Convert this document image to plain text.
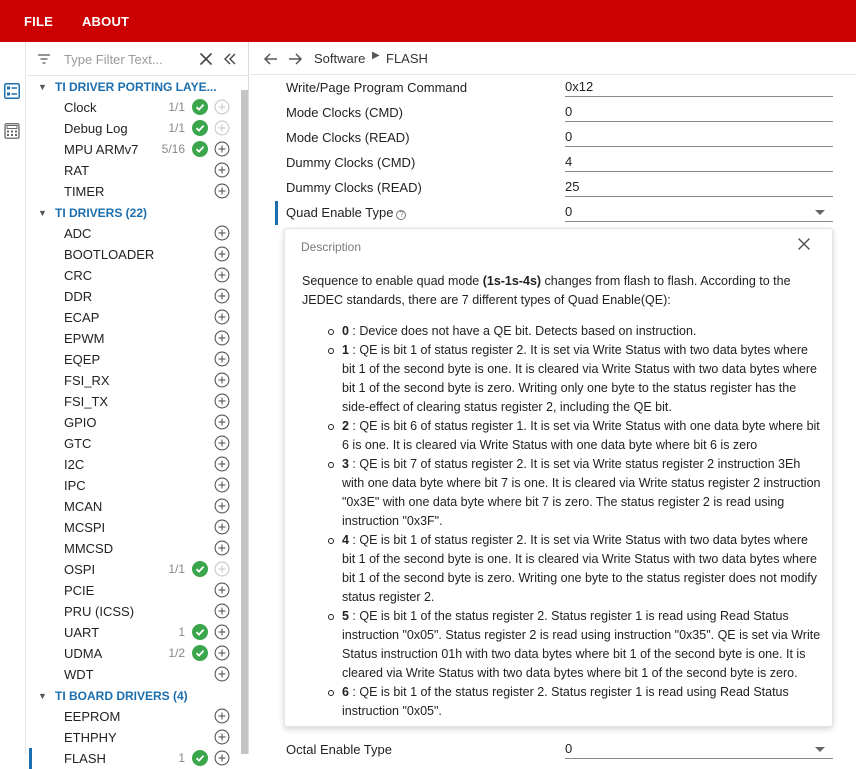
FILE ABOUT
Type Filter Text...
▼ TI DRIVER PORTING LAYE...
Clock	1/1
Debug Log	1/1
MPU ARMv7 5/16
RAT
TIMER
▼ TI DRIVERS (22)
ADC
BOOTLOADER
CRC
DDR
ECAP
EPWM
EQEP
FSI_RX
FSI_TX
GPIO
GTC
I2C
IPC
MCAN
MCSPI
MMCSD
OSPI	1/1
PCIE
PRU (ICSS)
UART	1
UDMA	1/2
WDT
▼ TI BOARD DRIVERS (4)
EEPROM
ETHPHY
FLASH	1
Software ▶ FLASH
Write/Page Program Command	0x12
Mode Clocks (CMD)	0
Mode Clocks (READ)	0
Dummy Clocks (CMD)	4
Dummy Clocks (READ)	25
Quad Enable Type ?	0
Octal Enable Type	0
Description

Sequence to enable quad mode (1s-1s-4s) changes from flash to flash. According to the JEDEC standards, there are 7 different types of Quad Enable(QE):

0 : Device does not have a QE bit. Detects based on instruction.
1 : QE is bit 1 of status register 2. It is set via Write Status with two data bytes where bit 1 of the second byte is one. It is cleared via Write Status with two data bytes where bit 1 of the second byte is zero. Writing only one byte to the status register has the side-effect of clearing status register 2, including the QE bit.
2 : QE is bit 6 of status register 1. It is set via Write Status with one data byte where bit 6 is one. It is cleared via Write Status with one data byte where bit 6 is zero
3 : QE is bit 7 of status register 2. It is set via Write status register 2 instruction 3Eh with one data byte where bit 7 is one. It is cleared via Write status register 2 instruction "0x3E" with one data byte where bit 7 is zero. The status register 2 is read using instruction "0x3F".
4 : QE is bit 1 of status register 2. It is set via Write Status with two data bytes where bit 1 of the second byte is one. It is cleared via Write Status with two data bytes where bit 1 of the second byte is zero. Writing one byte to the status register does not modify status register 2.
5 : QE is bit 1 of the status register 2. Status register 1 is read using Read Status instruction "0x05". Status register 2 is read using instruction "0x35". QE is set via Write Status instruction 01h with two data bytes where bit 1 of the second byte is one. It is cleared via Write Status with two data bytes where bit 1 of the second byte is zero.
6 : QE is bit 1 of the status register 2. Status register 1 is read using Read Status instruction "0x05".
